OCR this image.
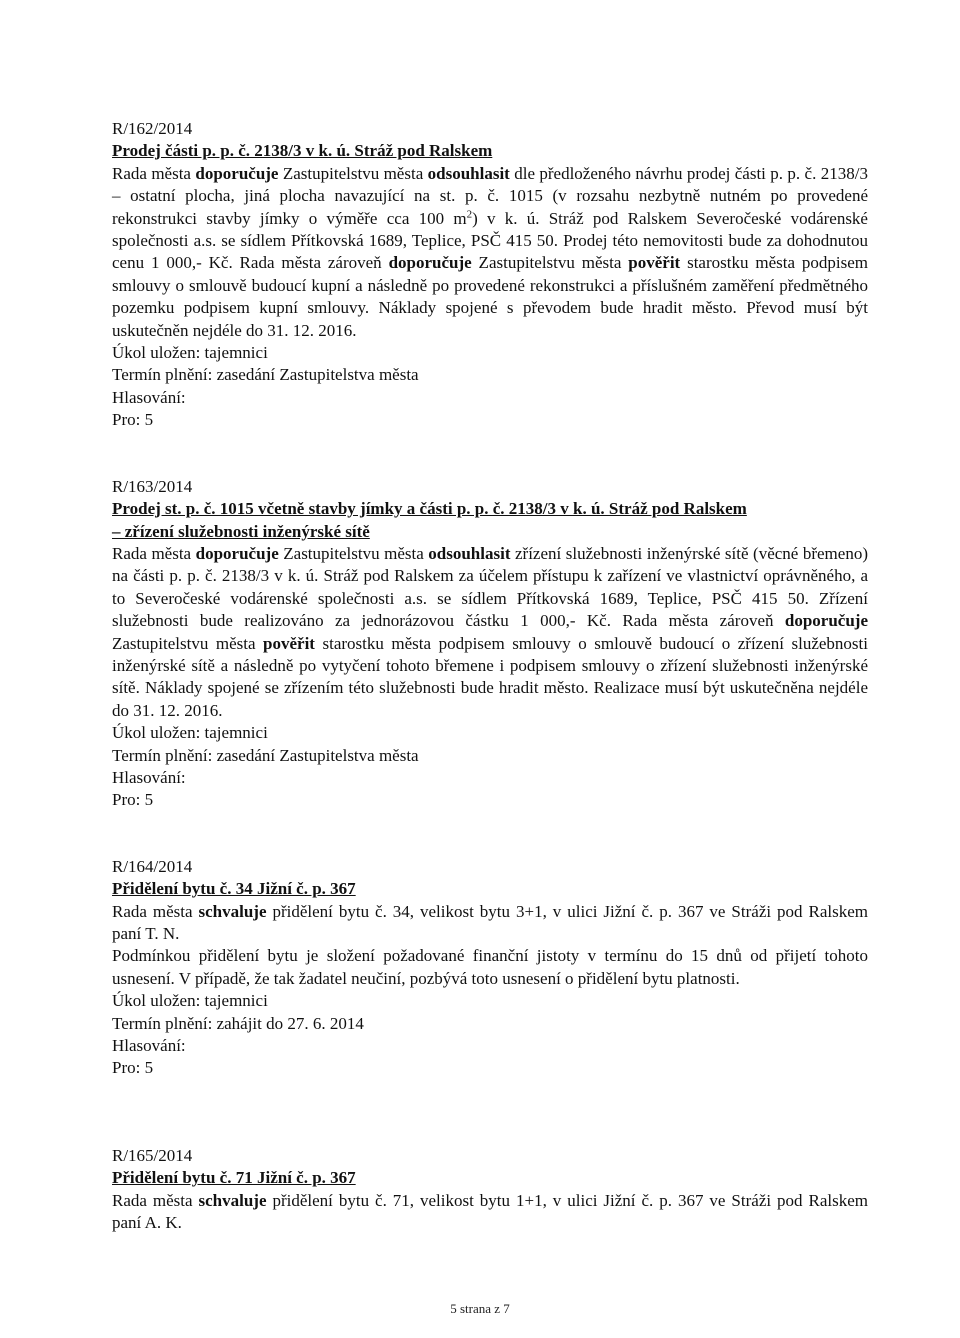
R/162/2014

Prodej části p. p. č. 2138/3 v k. ú. Stráž pod Ralskem

Rada města doporučuje Zastupitelstvu města odsouhlasit dle předloženého návrhu prodej části p. p. č. 2138/3 – ostatní plocha, jiná plocha navazující na st. p. č. 1015 (v rozsahu nezbytně nutném po provedené rekonstrukci stavby jímky o výměře cca 100 $m^2$) v k. ú. Stráž pod Ralskem Severočeské vodárenské společnosti a.s. se sídlem Přítkovská 1689, Teplice, PSČ 415 50. Prodej této nemovitosti bude za dohodnutou cenu 1 000,- Kč. Rada města zároveň doporučuje Zastupitelstvu města pověřit starostku města podpisem smlouvy o smlouvě budoucí kupní a následně po provedené rekonstrukci a příslušném zaměření předmětného pozemku podpisem kupní smlouvy. Náklady spojené s převodem bude hradit město. Převod musí být uskutečněn nejdéle do 31. 12. 2016.

Úkol uložen: tajemnici

Termín plnění: zasedání Zastupitelstva města

Hlasování:

Pro: 5

R/163/2014

Prodej st. p. č. 1015 včetně stavby jímky a části p. p. č. 2138/3 v k. ú. Stráž pod Ralskem

– zřízení služebnosti inženýrské sítě

Rada města doporučuje Zastupitelstvu města odsouhlasit zřízení služebnosti inženýrské sítě (věcné břemeno) na části p. p. č. 2138/3 v k. ú. Stráž pod Ralskem za účelem přístupu k zařízení ve vlastnictví oprávněného, a to Severočeské vodárenské společnosti a.s. se sídlem Přítkovská 1689, Teplice, PSČ 415 50. Zřízení služebnosti bude realizováno za jednorázovou částku 1 000,- Kč. Rada města zároveň doporučuje Zastupitelstvu města pověřit starostku města podpisem smlouvy o smlouvě budoucí o zřízení služebnosti inženýrské sítě a následně po vytyčení tohoto břemene i podpisem smlouvy o zřízení služebnosti inženýrské sítě. Náklady spojené se zřízením této služebnosti bude hradit město. Realizace musí být uskutečněna nejdéle do 31. 12. 2016.

Úkol uložen: tajemnici

Termín plnění: zasedání Zastupitelstva města

Hlasování:

Pro: 5

R/164/2014

Přidělení bytu č. 34 Jižní č. p. 367

Rada města schvaluje přidělení bytu č. 34, velikost bytu 3+1, v ulici Jižní č. p. 367 ve Stráži pod Ralskem paní T. N.

Podmínkou přidělení bytu je složení požadované finanční jistoty v termínu do 15 dnů od přijetí tohoto usnesení. V případě, že tak žadatel neučiní, pozbývá toto usnesení o přidělení bytu platnosti.

Úkol uložen: tajemnici

Termín plnění: zahájit do 27. 6. 2014

Hlasování:

Pro: 5

R/165/2014

Přidělení bytu č. 71 Jižní č. p. 367

Rada města schvaluje přidělení bytu č. 71, velikost bytu 1+1, v ulici Jižní č. p. 367 ve Stráži pod Ralskem paní A. K.

5 strana z 7
